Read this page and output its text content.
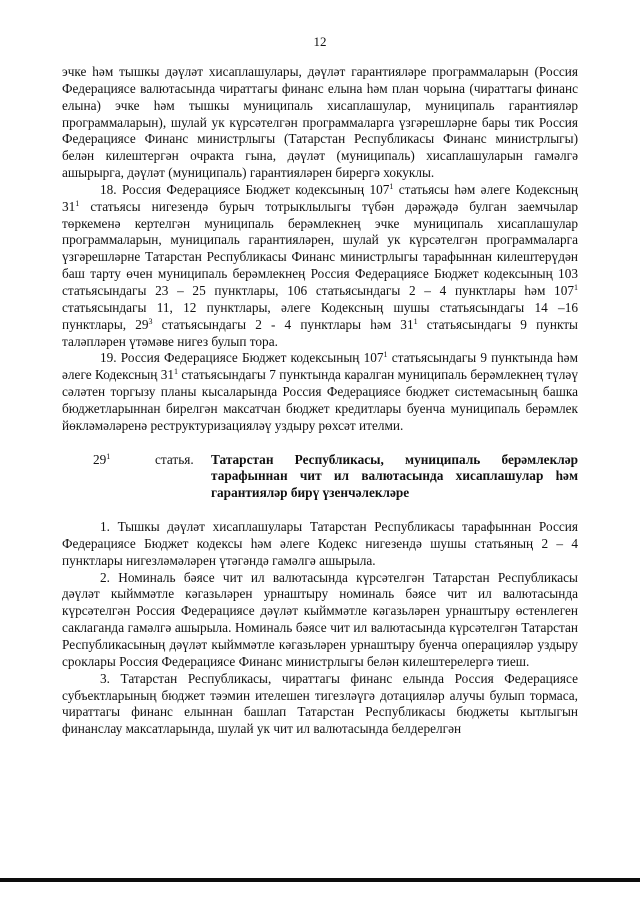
12

эчке һәм тышкы дәүләт хисаплашулары, дәүләт гарантияләре программаларын (Россия Федерациясе валютасында чираттагы финанс елына һәм план чорына (чираттагы финанс елына) эчке һәм тышкы муниципаль хисаплашулар, муниципаль гарантияләр программаларын), шулай ук күрсәтелгән программаларга үзгәрешләрне бары тик Россия Федерациясе Финанс министрлыгы (Татарстан Республикасы Финанс министрлыгы) белән килештергән очракта гына, дәүләт (муниципаль) хисаплашуларын гамәлгә ашырырга, дәүләт (муниципаль) гарантияләрен бирергә хокуклы.

18. Россия Федерациясе Бюджет кодексының $107^1$ статьясы һәм әлеге Кодексның $31^1$ статьясы нигезендә бурыч тотрыклылыгы түбән дәрәҗәдә булган заемчылар төркеменә кертелгән муниципаль берәмлекнең эчке муниципаль хисаплашулар программаларын, муниципаль гарантияләрен, шулай ук күрсәтелгән программаларга үзгәрешләрне Татарстан Республикасы Финанс министрлыгы тарафыннан килештерүдән баш тарту өчен муниципаль берәмлекнең Россия Федерациясе Бюджет кодексының 103 статьясындагы 23 – 25 пунктлары, 106 статьясындагы 2 – 4 пунктлары һәм $107^1$ статьясындагы 11, 12 пунктлары, әлеге Кодексның шушы статьясындагы 14 –16 пунктлары, $29^3$ статьясындагы 2 - 4 пунктлары һәм $31^1$ статьясындагы 9 пункты таләпләрен үтәмәве нигез булып тора.

19. Россия Федерациясе Бюджет кодексының $107^1$ статьясындагы 9 пунктында һәм әлеге Кодексның $31^1$ статьясындагы 7 пунктында каралган муниципаль берәмлекнең түләү сәләтен торгызу планы кысаларында Россия Федерациясе бюджет системасының башка бюджетларыннан бирелгән максатчан бюджет кредитлары буенча муниципаль берәмлек йөкләмәләренә реструктуризацияләү уздыру рөхсәт ителми.

$29^1$	статья.	Татарстан Республикасы, муниципаль берәмлекләр тарафыннан чит ил валютасында хисаплашулар һәм гарантияләр бирү үзенчәлекләре

1. Тышкы дәүләт хисаплашулары Татарстан Республикасы тарафыннан Россия Федерациясе Бюджет кодексы һәм әлеге Кодекс нигезендә шушы статьяның 2 – 4 пунктлары нигезләмәләрен үтәгәндә гамәлгә ашырыла.

2. Номиналь бәясе чит ил валютасында күрсәтелгән Татарстан Республикасы дәүләт кыйммәтле кәгазьләрен урнаштыру номиналь бәясе чит ил валютасында күрсәтелгән Россия Федерациясе дәүләт кыйммәтле кәгазьләрен урнаштыру өстенлеген саклаганда гамәлгә ашырыла. Номиналь бәясе чит ил валютасында күрсәтелгән Татарстан Республикасының дәүләт кыйммәтле кәгазьләрен урнаштыру буенча операцияләр уздыру сроклары Россия Федерациясе Финанс министрлыгы белән килештерелергә тиеш.

3. Татарстан Республикасы, чираттагы финанс елында Россия Федерациясе субъектларының бюджет тәэмин ителешен тигезләүгә дотацияләр алучы булып тормаса, чираттагы финанс елыннан башлап Татарстан Республикасы бюджеты кытлыгын финанслау максатларында, шулай ук чит ил валютасында белдерелгән
